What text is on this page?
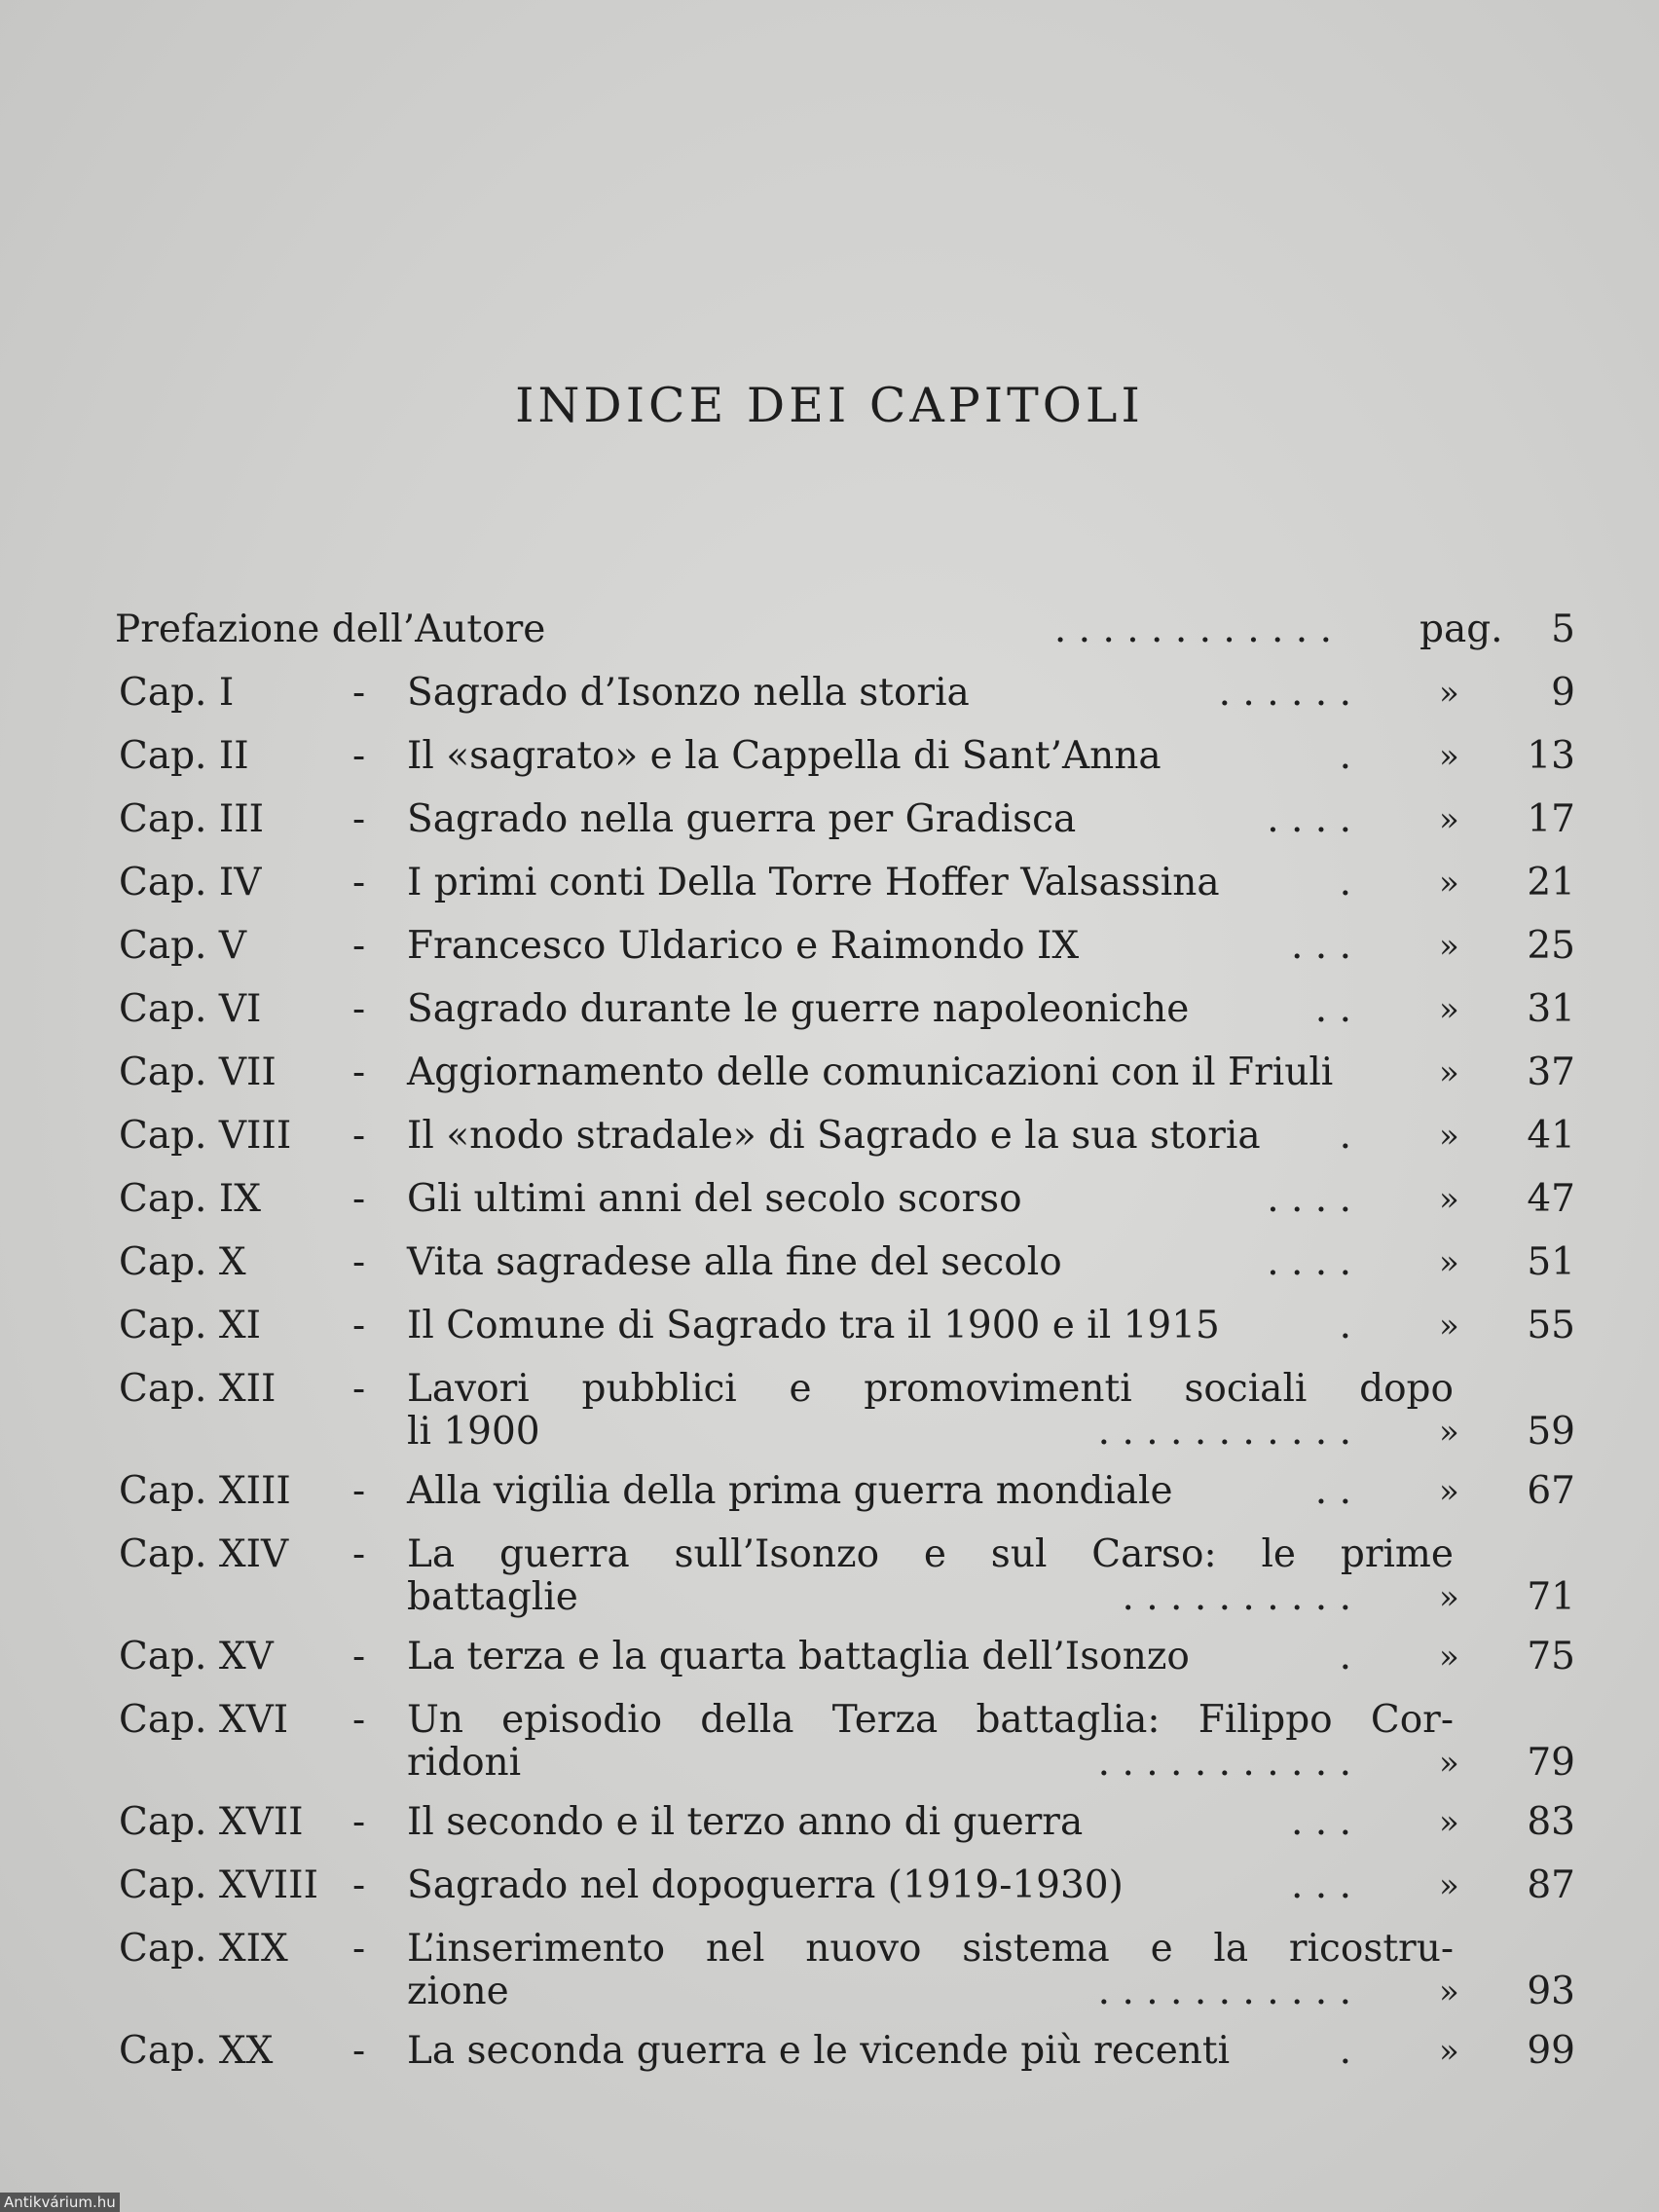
INDICE DEI CAPITOLI
Prefazione dell’Autore	. . . . . . . . . . . . pag.	5
Cap. I	- Sagrado d’Isonzo nella storia	. . . . . .	»	9
Cap. II	- Il «sagrato» e la Cappella di Sant’Anna	.	»	13
Cap. III - Sagrado nella guerra per Gradisca	. . . .	»	17
Cap. IV - I primi conti Della Torre Hoffer Valsassina	.	»	21
Cap. V	- Francesco Uldarico e Raimondo IX	. . .	»	25
Cap. VI - Sagrado durante le guerre napoleoniche	. .	»	31
Cap. VII - Aggiornamento delle comunicazioni con il Friuli	»	37
Cap. VIII - Il «nodo stradale» di Sagrado e la sua storia	.	»	41
Cap. IX - Gli ultimi anni del secolo scorso	. . . .	»	47
Cap. X	- Vita sagradese alla fine del secolo	. . . .	»	51
Cap. XI - Il Comune di Sagrado tra il 1900 e il 1915	.	»	55
Cap. XII - Lavori pubblici e promovimenti sociali dopo
li 1900	. . . . . . . . . . .	»	59
Cap. XIII - Alla vigilia della prima guerra mondiale	. .	»	67
Cap. XIV - La guerra sull’Isonzo e sul Carso: le prime
battaglie	. . . . . . . . . .	»	71
Cap. XV - La terza e la quarta battaglia dell’Isonzo	.	»	75
Cap. XVI - Un episodio della Terza battaglia: Filippo Cor-
ridoni	. . . . . . . . . . .	»	79
Cap. XVII - Il secondo e il terzo anno di guerra	. . .	»	83
Cap. XVIII - Sagrado nel dopoguerra (1919-1930)	. . .	»	87
Cap. XIX - L’inserimento nel nuovo sistema e la ricostru-
zione	. . . . . . . . . . .	»	93
Cap. XX - La seconda guerra e le vicende più recenti	.	»	99
Antikvárium.hu
